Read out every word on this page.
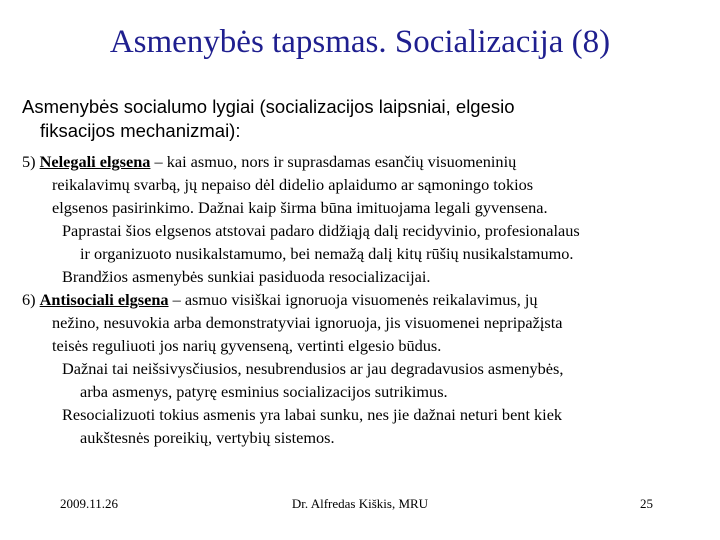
Asmenybės tapsmas. Socializacija (8)
Asmenybės socialumo lygiai (socializacijos laipsniai, elgesio
fiksacijos mechanizmai):
5) Nelegali elgsena – kai asmuo, nors ir suprasdamas esančių visuomeninių
reikalavimų svarbą, jų nepaiso dėl didelio aplaidumo ar sąmoningo tokios
elgsenos pasirinkimo. Dažnai kaip širma būna imituojama legali gyvensena.
Paprastai šios elgsenos atstovai padaro didžiąją dalį recidyvinio, profesionalaus
ir organizuoto nusikalstamumo, bei nemažą dalį kitų rūšių nusikalstamumo.
Brandžios asmenybės sunkiai pasiduoda resocializacijai.
6) Antisociali elgsena – asmuo visiškai ignoruoja visuomenės reikalavimus, jų
nežino, nesuvokia arba demonstratyviai ignoruoja, jis visuomenei nepripažįsta
teisės reguliuoti jos narių gyvenseną, vertinti elgesio būdus.
Dažnai tai neišsivysčiusios, nesubrendusios ar jau degradavusios asmenybės,
arba asmenys, patyrę esminius socializacijos sutrikimus.
Resocializuoti tokius asmenis yra labai sunku, nes jie dažnai neturi bent kiek
aukštesnės poreikių, vertybių sistemos.
2009.11.26	Dr. Alfredas Kiškis, MRU	25
